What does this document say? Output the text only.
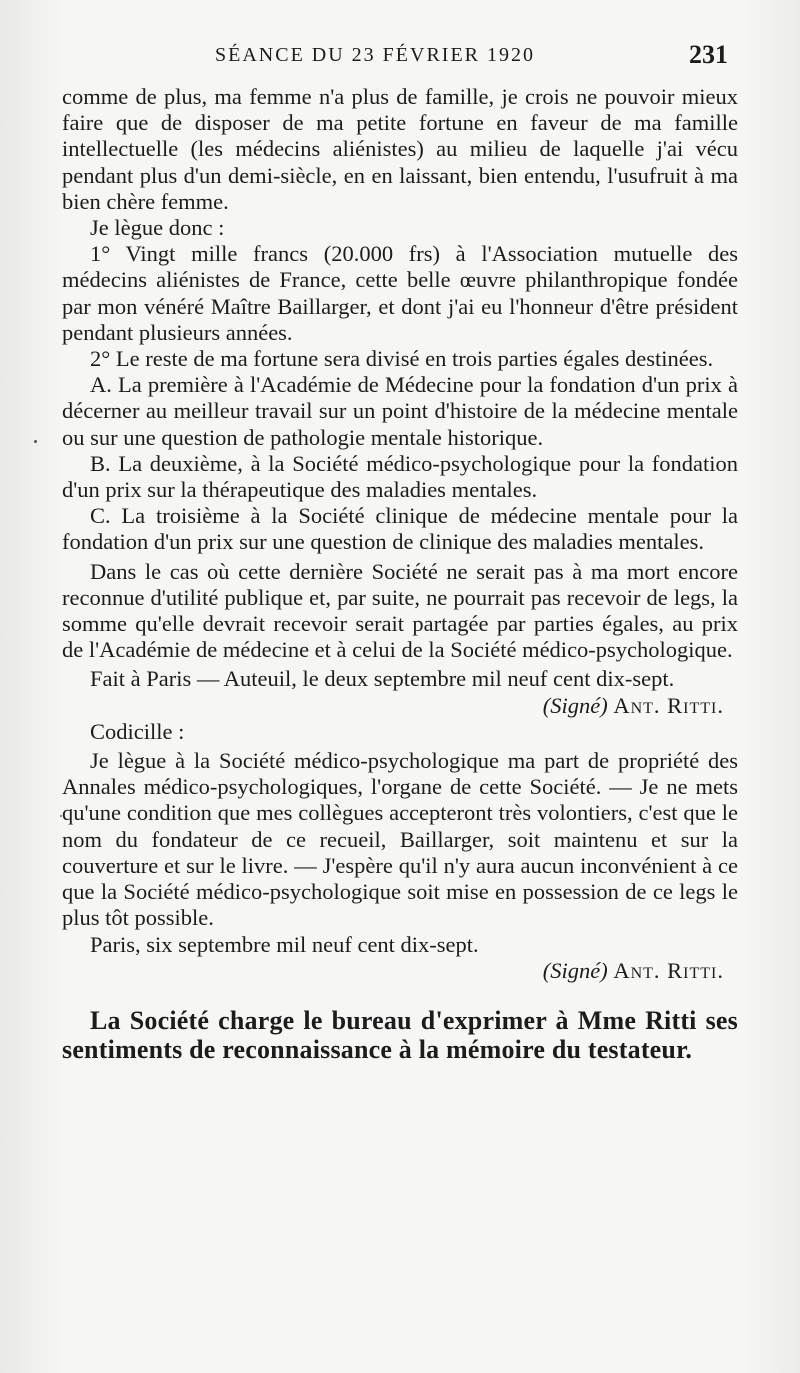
SÉANCE DU 23 FÉVRIER 1920	231

comme de plus, ma femme n'a plus de famille, je crois ne pouvoir mieux faire que de disposer de ma petite fortune en faveur de ma famille intellectuelle (les médecins aliénistes) au milieu de laquelle j'ai vécu pendant plus d'un demi-siècle, en en laissant, bien entendu, l'usufruit à ma bien chère femme.

Je lègue donc :

1° Vingt mille francs (20.000 frs) à l'Association mutuelle des médecins aliénistes de France, cette belle œuvre philanthropique fondée par mon vénéré Maître Baillarger, et dont j'ai eu l'honneur d'être président pendant plusieurs années.

2° Le reste de ma fortune sera divisé en trois parties égales destinées.

A. La première à l'Académie de Médecine pour la fondation d'un prix à décerner au meilleur travail sur un point d'histoire de la médecine mentale ou sur une question de pathologie mentale historique.

B. La deuxième, à la Société médico-psychologique pour la fondation d'un prix sur la thérapeutique des maladies mentales.

C. La troisième à la Société clinique de médecine mentale pour la fondation d'un prix sur une question de clinique des maladies mentales.

Dans le cas où cette dernière Société ne serait pas à ma mort encore reconnue d'utilité publique et, par suite, ne pourrait pas recevoir de legs, la somme qu'elle devrait recevoir serait partagée par parties égales, au prix de l'Académie de médecine et à celui de la Société médico-psychologique.

Fait à Paris — Auteuil, le deux septembre mil neuf cent dix-sept.

(Signé) Ant. Ritti.

Codicille :

Je lègue à la Société médico-psychologique ma part de propriété des Annales médico-psychologiques, l'organe de cette Société. — Je ne mets qu'une condition que mes collègues accepteront très volontiers, c'est que le nom du fondateur de ce recueil, Baillarger, soit maintenu et sur la couverture et sur le livre. — J'espère qu'il n'y aura aucun inconvénient à ce que la Société médico-psychologique soit mise en possession de ce legs le plus tôt possible.

Paris, six septembre mil neuf cent dix-sept.

(Signé) Ant. Ritti.

La Société charge le bureau d'exprimer à Mme Ritti ses sentiments de reconnaissance à la mémoire du testateur.
